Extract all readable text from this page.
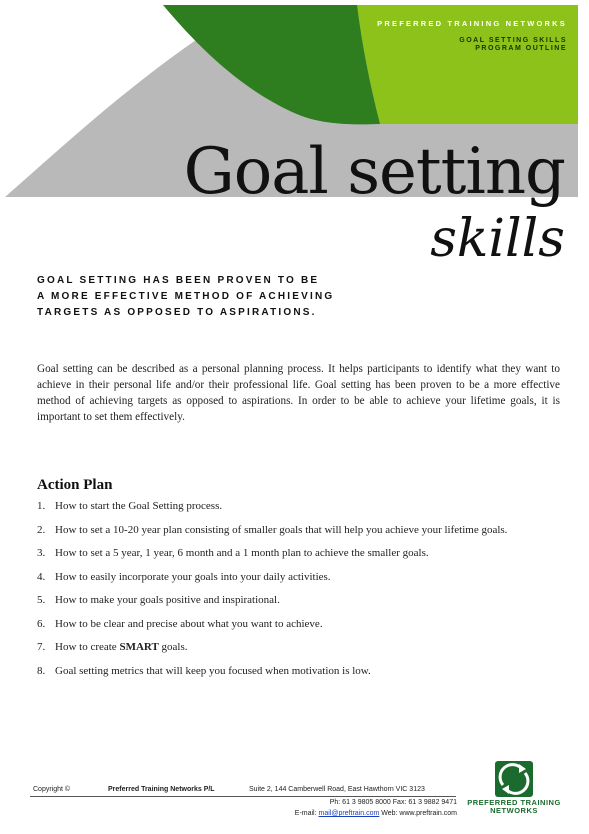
PREFERRED TRAINING NETWORKS

GOAL SETTING SKILLS

PROGRAM OUTLINE

Goal setting
skills

GOAL SETTING HAS BEEN PROVEN TO BE
A MORE EFFECTIVE METHOD OF ACHIEVING
TARGETS AS OPPOSED TO ASPIRATIONS.

Goal setting can be described as a personal planning process. It helps participants to identify what they want to achieve in their personal life and/or their professional life. Goal setting has been proven to be a more effective method of achieving targets as opposed to aspirations. In order to be able to achieve your lifetime goals, it is important to set them effectively.

Action Plan
1. How to start the Goal Setting process.
2. How to set a 10-20 year plan consisting of smaller goals that will help you achieve your lifetime goals.
3. How to set a 5 year, 1 year, 6 month and a 1 month plan to achieve the smaller goals.
4. How to easily incorporate your goals into your daily activities.
5. How to make your goals positive and inspirational.
6. How to be clear and precise about what you want to achieve.
7. How to create SMART goals.
8. Goal setting metrics that will keep you focused when motivation is low.
Copyright ©	Preferred Training Networks P/L	Suite 2, 144 Camberwell Road, East Hawthorn VIC 3123
Ph: 61 3 9805 8000 Fax: 61 3 9882 9471
E-mail: mail@preftrain.com Web: www.preftrain.com
PREFERRED TRAINING
NETWORKS
